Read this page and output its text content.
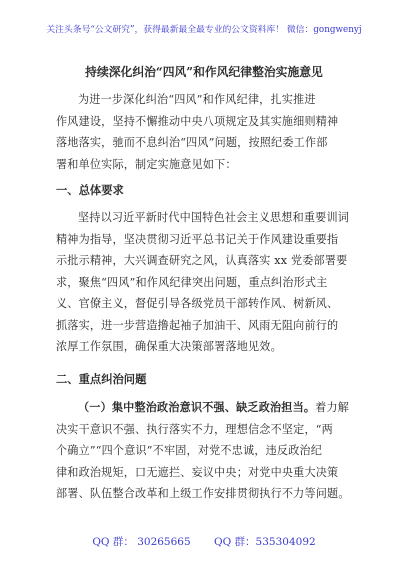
关注头条号“公文研究”，获得最新最全最专业的公文资料库！ 微信：gongwenyj
持续深化纠治“四风”和作风纪律整治实施意见
为进一步深化纠治“四风”和作风纪律，扎实推进
作风建设，坚持不懈推动中央八项规定及其实施细则精神
落地落实，驰而不息纠治“四风”问题，按照纪委工作部
署和单位实际，制定实施意见如下：
一、总体要求
坚持以习近平新时代中国特色社会主义思想和重要训词
精神为指导，坚决贯彻习近平总书记关于作风建设重要指
示批示精神，大兴调查研究之风，认真落实 xx 党委部署要
求，聚焦“四风”和作风纪律突出问题，重点纠治形式主
义、官僚主义，督促引导各级党员干部转作风、树新风、
抓落实，进一步营造撸起袖子加油干、风雨无阻向前行的
浓厚工作氛围，确保重大决策部署落地见效。
二、重点纠治问题
（一）集中整治政治意识不强、缺乏政治担当。着力解
决实干意识不强、执行落实不力，理想信念不坚定，“两
个确立”“四个意识”不牢固，对党不忠诚，违反政治纪
律和政治规矩，口无遮拦、妄议中央；对党中央重大决策
部署、队伍整合改革和上级工作安排贯彻执行不力等问题。
QQ 群： 30265665 QQ 群：535304092
